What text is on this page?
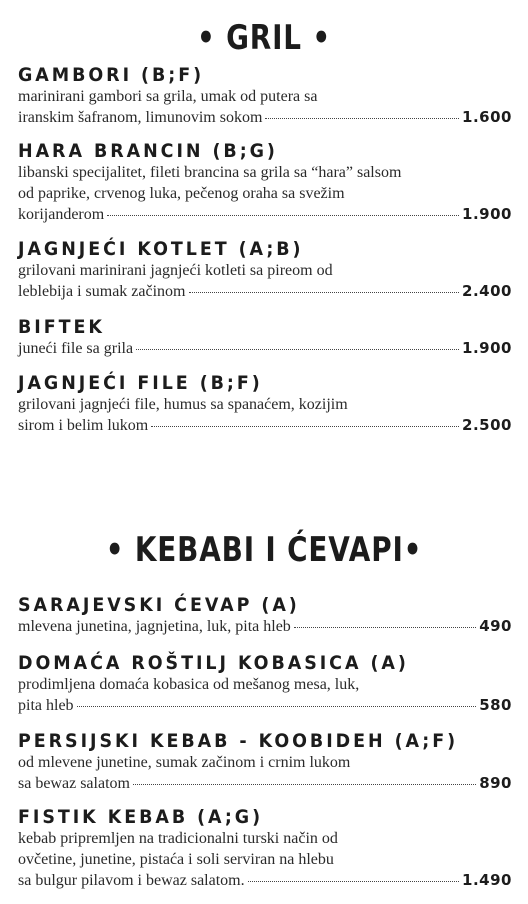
• GRIL •
GAMBORI (B;F)
marinirani gambori sa grila, umak od putera sa
iranskim šafranom, limunovim sokom	1.600
HARA BRANCIN (B;G)
libanski specijalitet, fileti brancina sa grila sa “hara” salsom
od paprike, crvenog luka, pečenog oraha sa svežim
korijanderom	1.900
JAGNJEĆI KOTLET (A;B)
grilovani marinirani jagnjeći kotleti sa pireom od
leblebija i sumak začinom	2.400
BIFTEK
juneći file sa grila	1.900
JAGNJEĆI FILE (B;F)
grilovani jagnjeći file, humus sa spanaćem, kozijim
sirom i belim lukom	2.500
• KEBABI I ĆEVAPI•
SARAJEVSKI ĆEVAP (A)
mlevena junetina, jagnjetina, luk, pita hleb	490
DOMAĆA ROŠTILJ KOBASICA (A)
prodimljena domaća kobasica od mešanog mesa, luk,
pita hleb	580
PERSIJSKI KEBAB - KOOBIDEH (A;F)
od mlevene junetine, sumak začinom i crnim lukom
sa bewaz salatom	890
FISTIK KEBAB (A;G)
kebab pripremljen na tradicionalni turski način od
ovčetine, junetine, pistaća i soli serviran na hlebu
sa bulgur pilavom i bewaz salatom.	1.490
